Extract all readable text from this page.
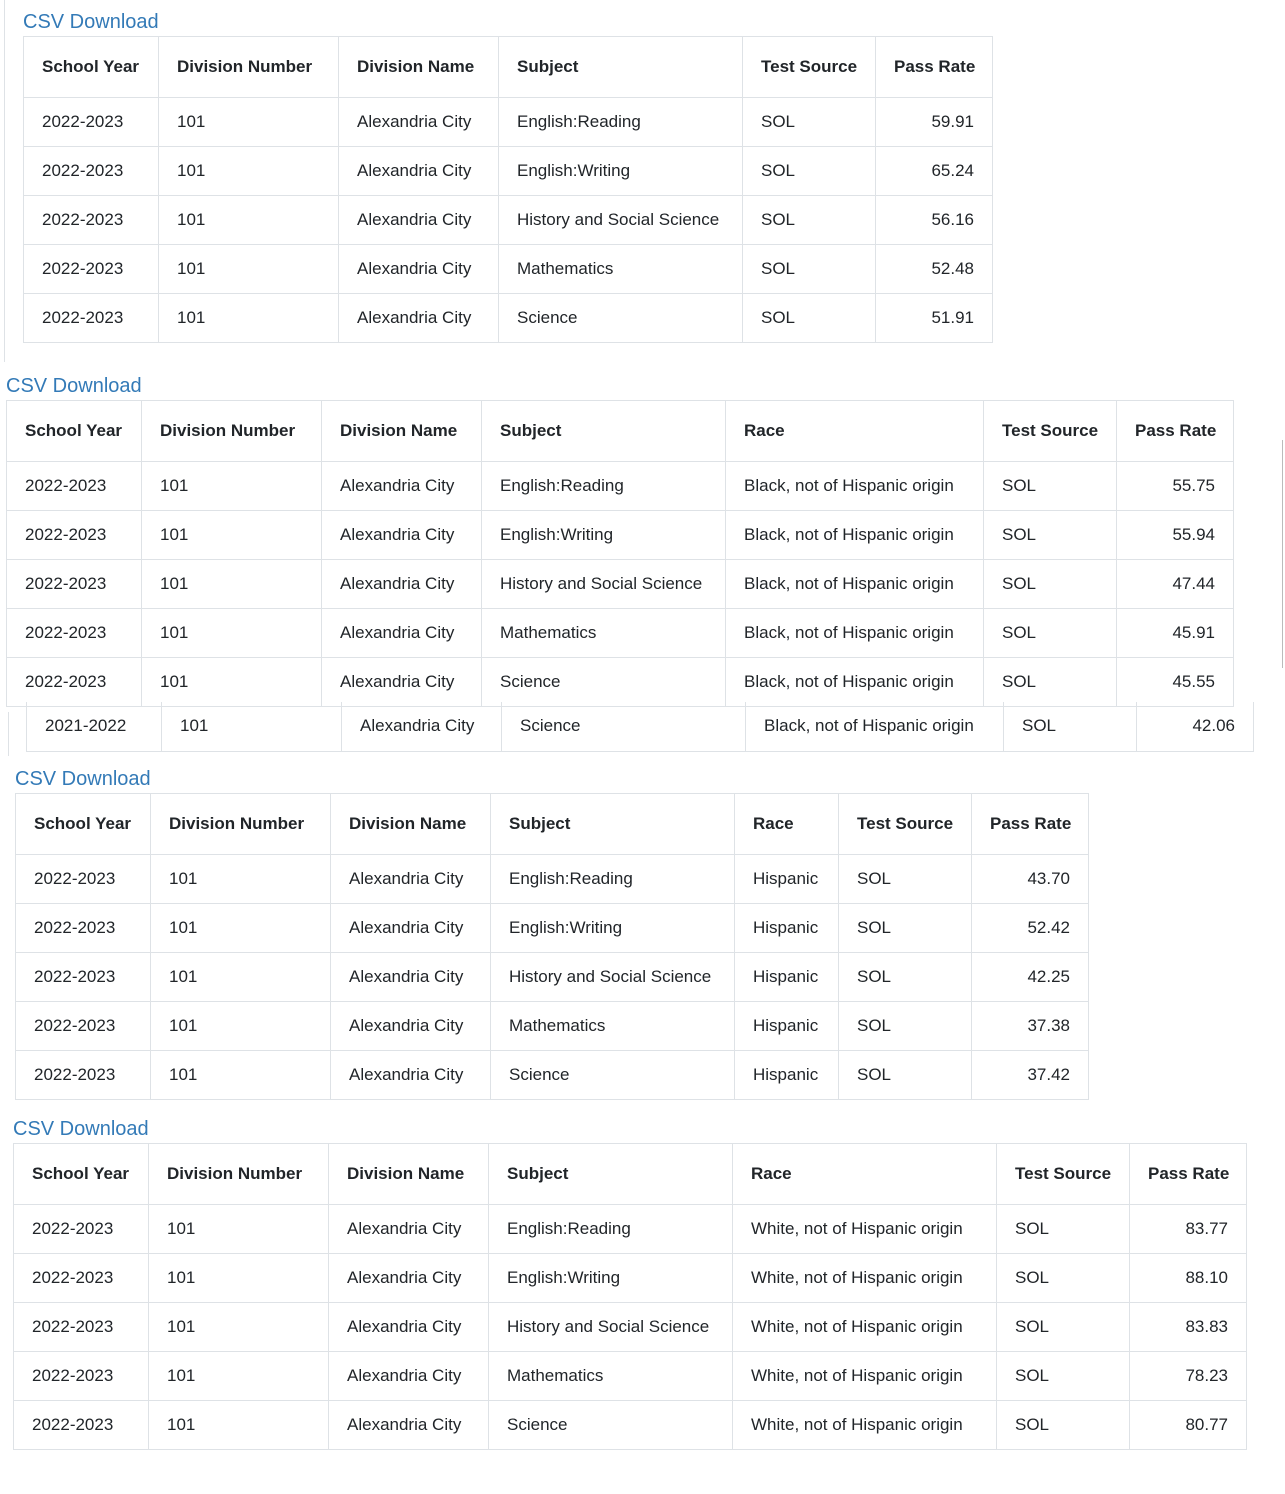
CSV Download
School Year	Division Number	Division Name	Subject	Test Source	Pass Rate
2022-2023	101	Alexandria City	English:Reading	SOL	59.91
2022-2023	101	Alexandria City	English:Writing	SOL	65.24
2022-2023	101	Alexandria City	History and Social Science	SOL	56.16
2022-2023	101	Alexandria City	Mathematics	SOL	52.48
2022-2023	101	Alexandria City	Science	SOL	51.91
CSV Download
School Year	Division Number	Division Name	Subject	Race	Test Source	Pass Rate
2022-2023	101	Alexandria City	English:Reading	Black, not of Hispanic origin	SOL	55.75
2022-2023	101	Alexandria City	English:Writing	Black, not of Hispanic origin	SOL	55.94
2022-2023	101	Alexandria City	History and Social Science	Black, not of Hispanic origin	SOL	47.44
2022-2023	101	Alexandria City	Mathematics	Black, not of Hispanic origin	SOL	45.91
2022-2023	101	Alexandria City	Science	Black, not of Hispanic origin	SOL	45.55
2021-2022	101	Alexandria City	Science	Black, not of Hispanic origin	SOL	42.06
CSV Download
School Year	Division Number	Division Name	Subject	Race	Test Source	Pass Rate
2022-2023	101	Alexandria City	English:Reading	Hispanic	SOL	43.70
2022-2023	101	Alexandria City	English:Writing	Hispanic	SOL	52.42
2022-2023	101	Alexandria City	History and Social Science	Hispanic	SOL	42.25
2022-2023	101	Alexandria City	Mathematics	Hispanic	SOL	37.38
2022-2023	101	Alexandria City	Science	Hispanic	SOL	37.42
CSV Download
School Year	Division Number	Division Name	Subject	Race	Test Source	Pass Rate
2022-2023	101	Alexandria City	English:Reading	White, not of Hispanic origin	SOL	83.77
2022-2023	101	Alexandria City	English:Writing	White, not of Hispanic origin	SOL	88.10
2022-2023	101	Alexandria City	History and Social Science	White, not of Hispanic origin	SOL	83.83
2022-2023	101	Alexandria City	Mathematics	White, not of Hispanic origin	SOL	78.23
2022-2023	101	Alexandria City	Science	White, not of Hispanic origin	SOL	80.77
